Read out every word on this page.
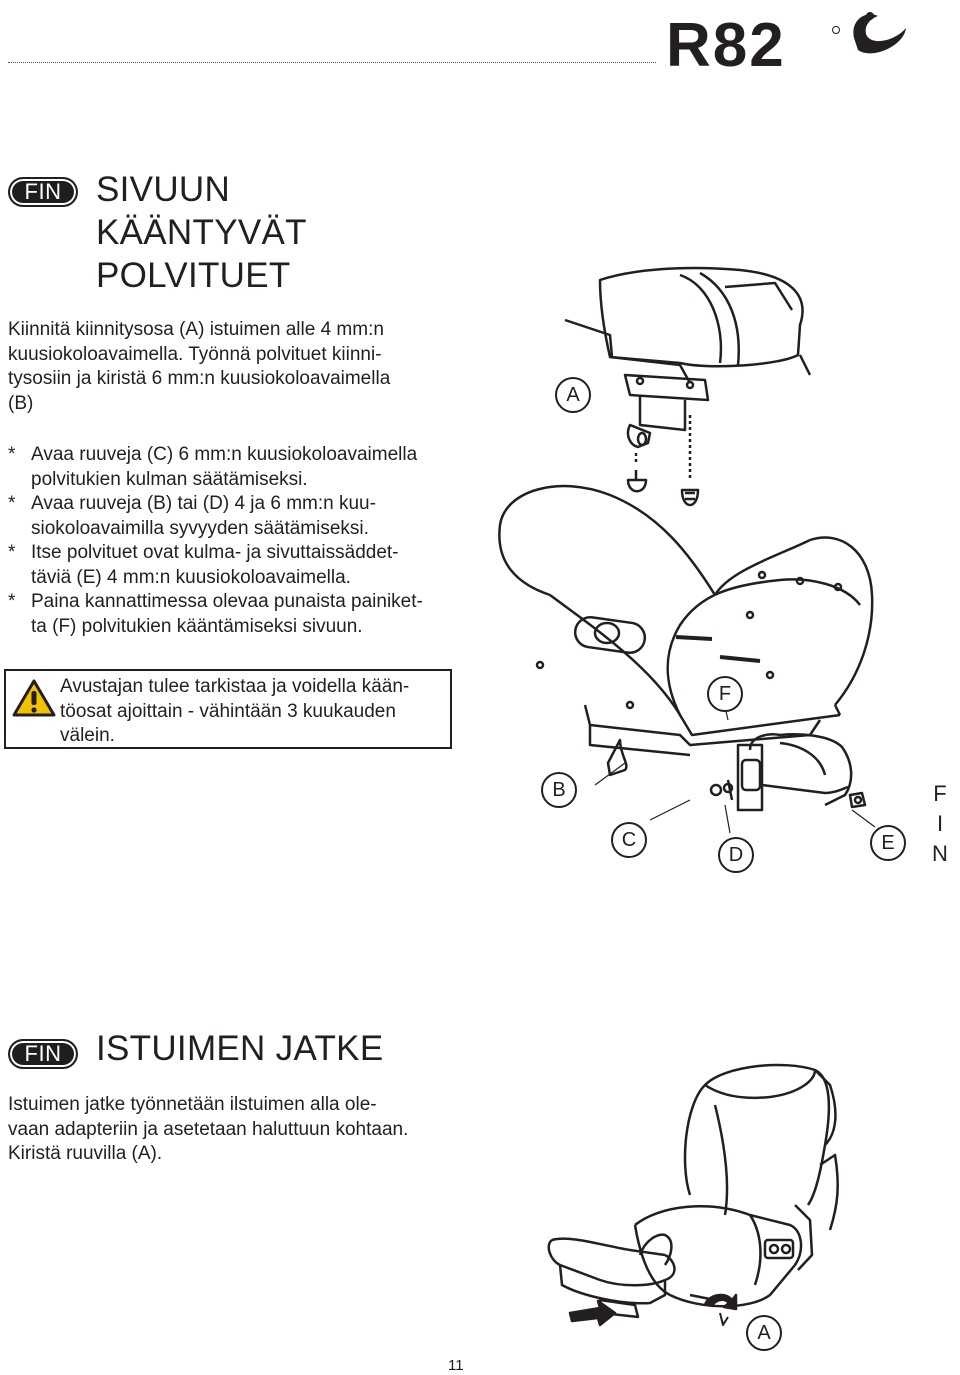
R82
FIN SIVUUN
KÄÄNTYVÄT
POLVITUET
Kiinnitä kiinnitysosa (A) istuimen alle 4 mm:n
kuusiokoloavaimella. Työnnä polvituet kiinni-
tysosiin ja kiristä 6 mm:n kuusiokoloavaimella
(B)
* Avaa ruuveja (C) 6 mm:n kuusiokoloavaimella
polvitukien kulman säätämiseksi.
* Avaa ruuveja (B) tai (D) 4 ja 6 mm:n kuu-
siokoloavaimilla syvyyden säätämiseksi.
* Itse polvituet ovat kulma- ja sivuttaissäddet-
täviä (E) 4 mm:n kuusiokoloavaimella.
* Paina kannattimessa olevaa punaista painiket-
ta (F) polvitukien kääntämiseksi sivuun.
Avustajan tulee tarkistaa ja voidella kään-
töosat ajoittain - vähintään 3 kuukauden
välein.
A
F
B
C
D
E
F
I
N
FIN ISTUIMEN JATKE
Istuimen jatke työnnetään ilstuimen alla ole-
vaan adapteriin ja asetetaan haluttuun kohtaan.
Kiristä ruuvilla (A).
A
11
